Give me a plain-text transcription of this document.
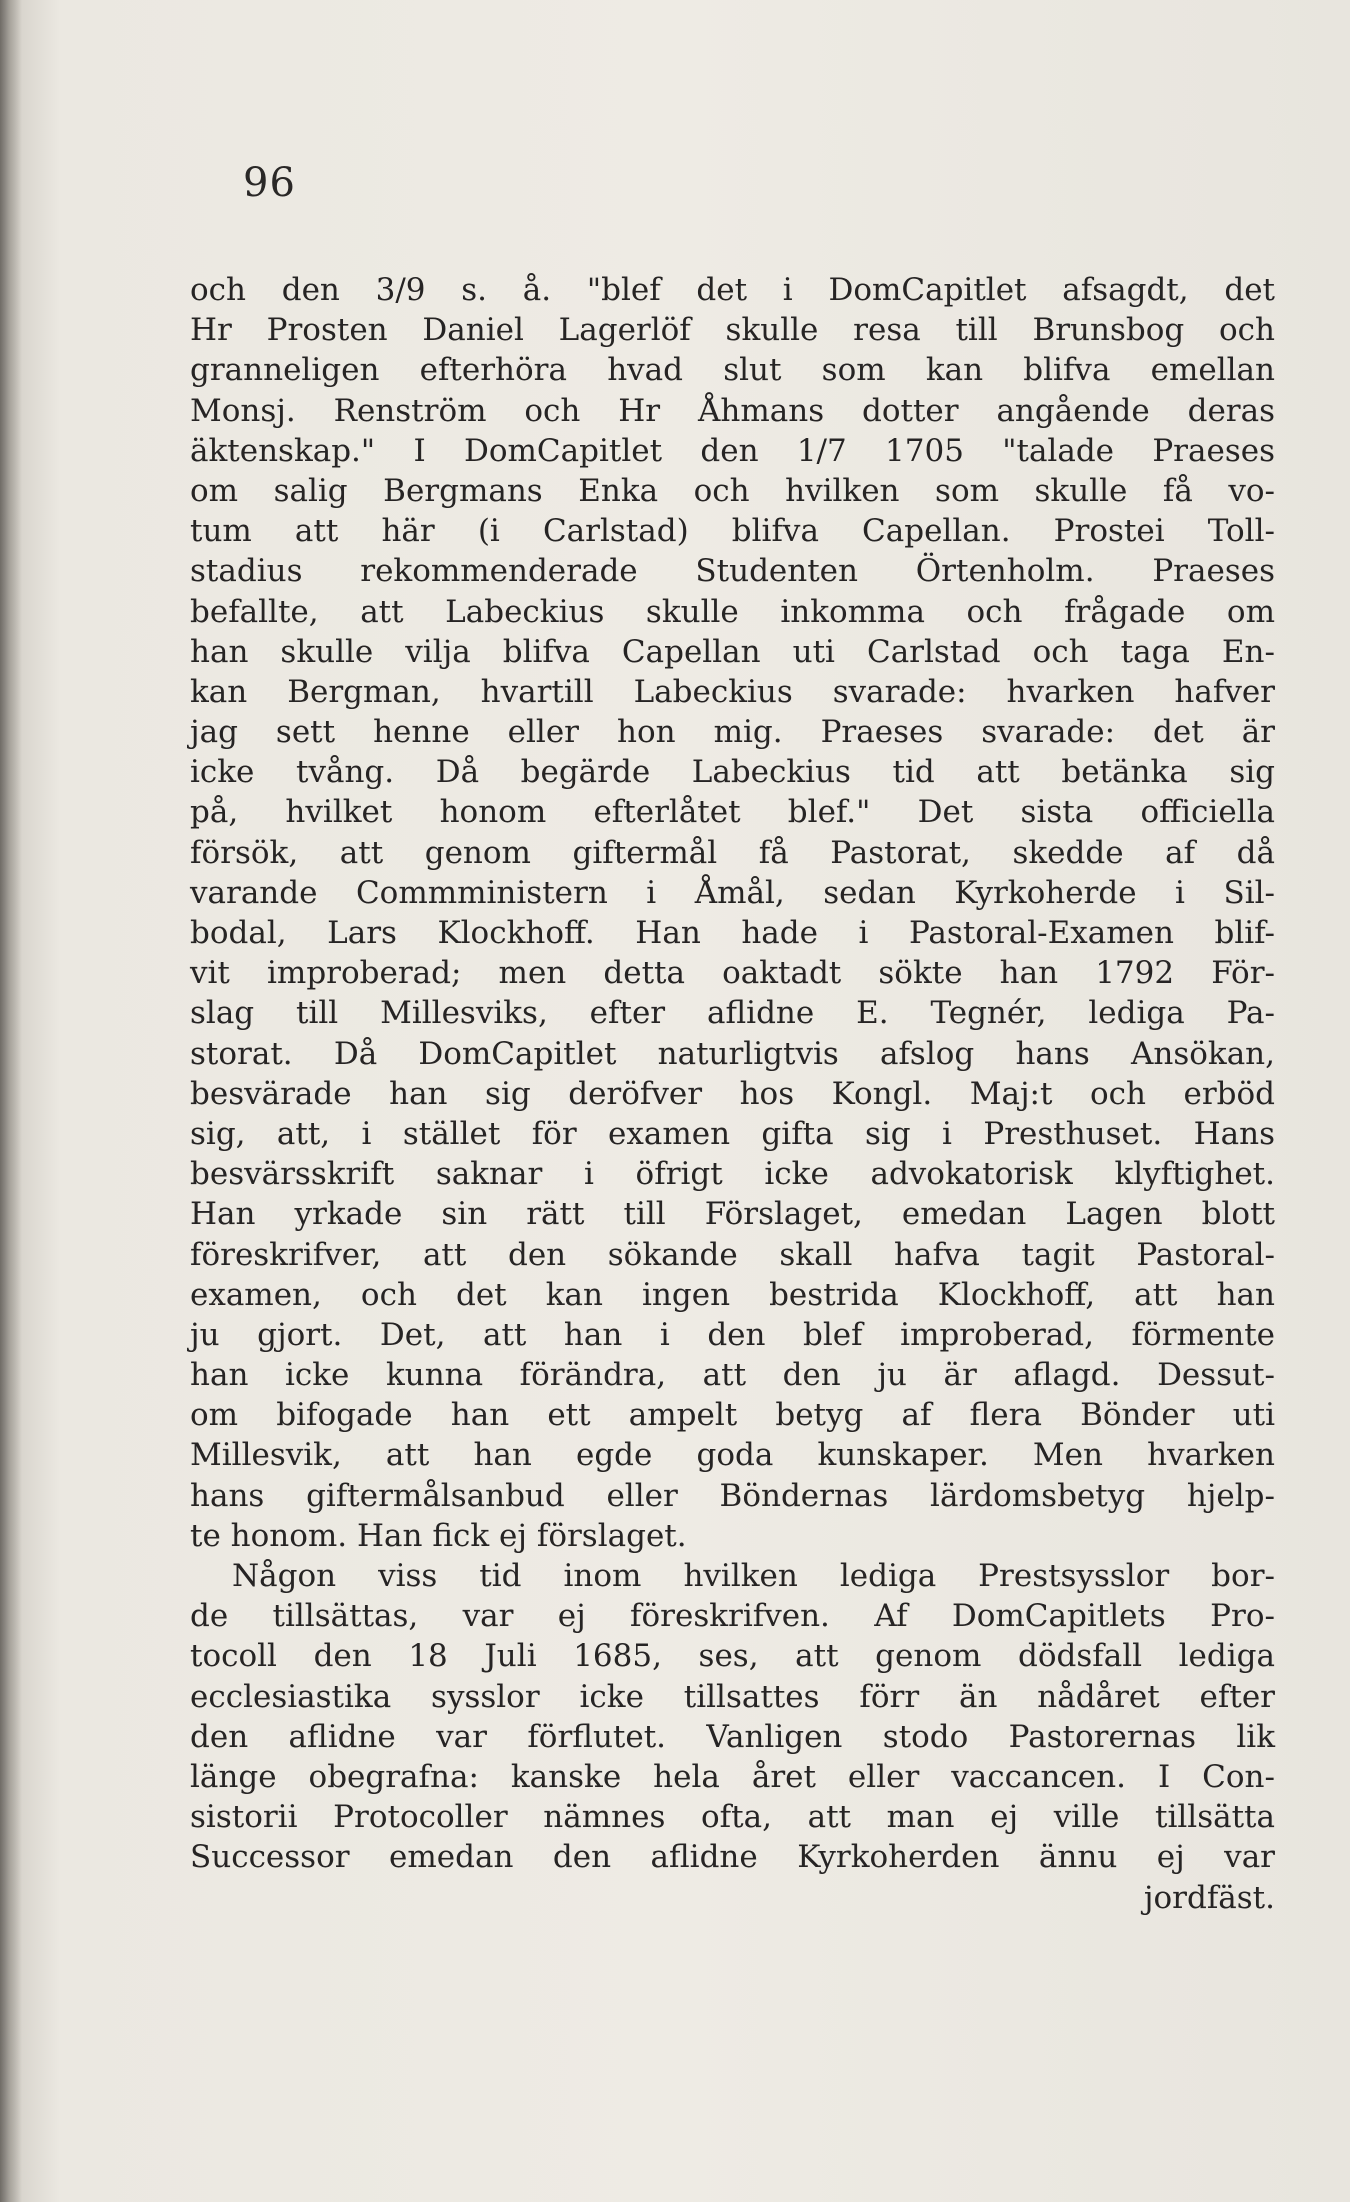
96
och den 3/9 s. å. "blef det i DomCapitlet afsagdt, det
Hr Prosten Daniel Lagerlöf skulle resa till Brunsbog och
granneligen efterhöra hvad slut som kan blifva emellan
Monsj. Renström och Hr Åhmans dotter angående deras
äktenskap." I DomCapitlet den 1/7 1705 "talade Praeses
om salig Bergmans Enka och hvilken som skulle få vo-
tum att här (i Carlstad) blifva Capellan. Prostei Toll-
stadius rekommenderade Studenten Örtenholm. Praeses
befallte, att Labeckius skulle inkomma och frågade om
han skulle vilja blifva Capellan uti Carlstad och taga En-
kan Bergman, hvartill Labeckius svarade: hvarken hafver
jag sett henne eller hon mig. Praeses svarade: det är
icke tvång. Då begärde Labeckius tid att betänka sig
på, hvilket honom efterlåtet blef." Det sista officiella
försök, att genom giftermål få Pastorat, skedde af då
varande Commministern i Åmål, sedan Kyrkoherde i Sil-
bodal, Lars Klockhoff. Han hade i Pastoral-Examen blif-
vit improberad; men detta oaktadt sökte han 1792 För-
slag till Millesviks, efter aflidne E. Tegnér, lediga Pa-
storat. Då DomCapitlet naturligtvis afslog hans Ansökan,
besvärade han sig deröfver hos Kongl. Maj:t och erböd
sig, att, i stället för examen gifta sig i Presthuset. Hans
besvärsskrift saknar i öfrigt icke advokatorisk klyftighet.
Han yrkade sin rätt till Förslaget, emedan Lagen blott
föreskrifver, att den sökande skall hafva tagit Pastoral-
examen, och det kan ingen bestrida Klockhoff, att han
ju gjort. Det, att han i den blef improberad, förmente
han icke kunna förändra, att den ju är aflagd. Dessut-
om bifogade han ett ampelt betyg af flera Bönder uti
Millesvik, att han egde goda kunskaper. Men hvarken
hans giftermålsanbud eller Böndernas lärdomsbetyg hjelp-
te honom. Han fick ej förslaget.
Någon viss tid inom hvilken lediga Prestsysslor bor-
de tillsättas, var ej föreskrifven. Af DomCapitlets Pro-
tocoll den 18 Juli 1685, ses, att genom dödsfall lediga
ecclesiastika sysslor icke tillsattes förr än nådåret efter
den aflidne var förflutet. Vanligen stodo Pastorernas lik
länge obegrafna: kanske hela året eller vaccancen. I Con-
sistorii Protocoller nämnes ofta, att man ej ville tillsätta
Successor emedan den aflidne Kyrkoherden ännu ej var
jordfäst.
